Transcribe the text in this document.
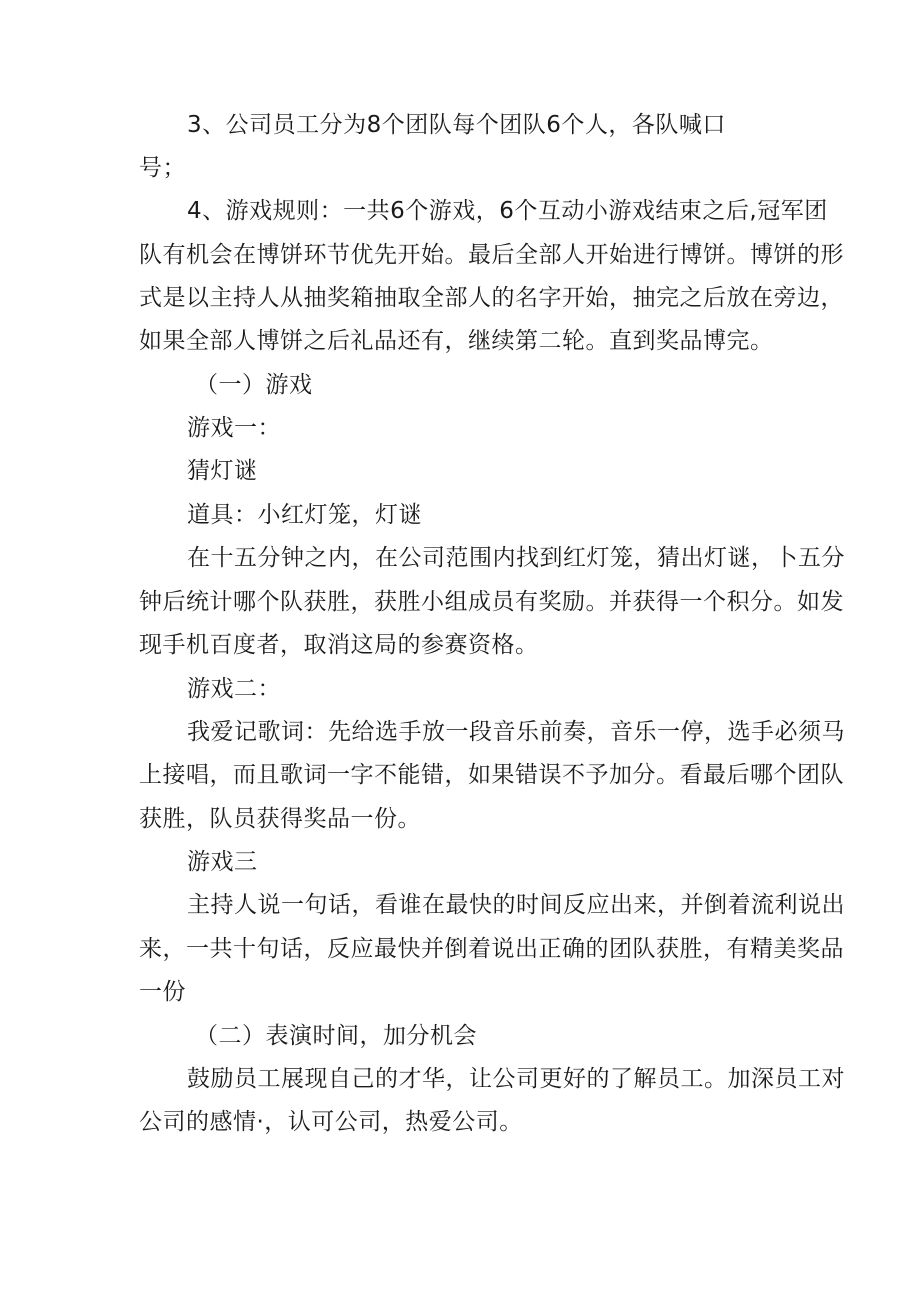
3、公司员工分为8个团队每个团队6个人，各队喊口
号；
4、游戏规则：一共6个游戏，6个互动小游戏结束之后,冠军团
队有机会在博饼环节优先开始。最后全部人开始进行博饼。博饼的形
式是以主持人从抽奖箱抽取全部人的名字开始，抽完之后放在旁边，
如果全部人博饼之后礼品还有，继续第二轮。直到奖品博完。
（一）游戏
游戏一：
猜灯谜
道具：小红灯笼，灯谜
在十五分钟之内，在公司范围内找到红灯笼，猜出灯谜，卜五分
钟后统计哪个队获胜，获胜小组成员有奖励。并获得一个积分。如发
现手机百度者，取消这局的参赛资格。
游戏二：
我爱记歌词：先给选手放一段音乐前奏，音乐一停，选手必须马
上接唱，而且歌词一字不能错，如果错误不予加分。看最后哪个团队
获胜，队员获得奖品一份。
游戏三
主持人说一句话，看谁在最快的时间反应出来，并倒着流利说出
来，一共十句话，反应最快并倒着说出正确的团队获胜，有精美奖品
一份
（二）表演时间，加分机会
鼓励员工展现自己的才华，让公司更好的了解员工。加深员工对
公司的感情·，认可公司，热爱公司。
